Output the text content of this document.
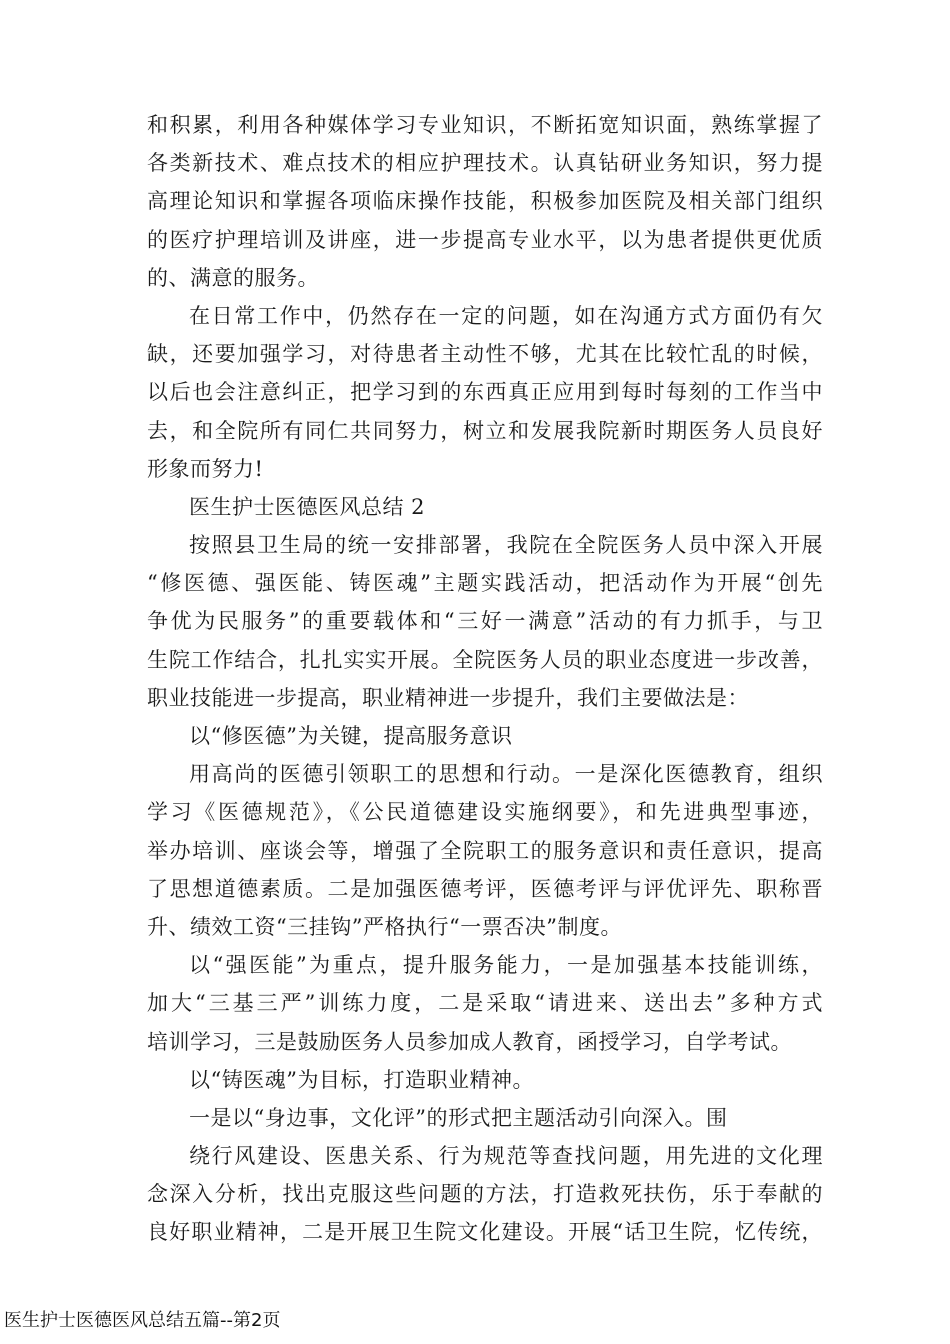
和积累，利用各种媒体学习专业知识，不断拓宽知识面，熟练掌握了
各类新技术、难点技术的相应护理技术。认真钻研业务知识，努力提
高理论知识和掌握各项临床操作技能，积极参加医院及相关部门组织
的医疗护理培训及讲座，进一步提高专业水平，以为患者提供更优质
的、满意的服务。
在日常工作中，仍然存在一定的问题，如在沟通方式方面仍有欠
缺，还要加强学习，对待患者主动性不够，尤其在比较忙乱的时候，
以后也会注意纠正，把学习到的东西真正应用到每时每刻的工作当中
去，和全院所有同仁共同努力，树立和发展我院新时期医务人员良好
形象而努力!
医生护士医德医风总结 2
按照县卫生局的统一安排部署，我院在全院医务人员中深入开展
“修医德、强医能、铸医魂”主题实践活动，把活动作为开展“创先
争优为民服务”的重要载体和“三好一满意”活动的有力抓手，与卫
生院工作结合，扎扎实实开展。全院医务人员的职业态度进一步改善，
职业技能进一步提高，职业精神进一步提升，我们主要做法是：
以“修医德”为关键，提高服务意识
用高尚的医德引领职工的思想和行动。一是深化医德教育，组织
学习《医德规范》，《公民道德建设实施纲要》，和先进典型事迹，
举办培训、座谈会等，增强了全院职工的服务意识和责任意识，提高
了思想道德素质。二是加强医德考评，医德考评与评优评先、职称晋
升、绩效工资“三挂钩”严格执行“一票否决”制度。
以“强医能”为重点，提升服务能力，一是加强基本技能训练，
加大“三基三严”训练力度，二是采取“请进来、送出去”多种方式
培训学习，三是鼓励医务人员参加成人教育，函授学习，自学考试。
以“铸医魂”为目标，打造职业精神。
一是以“身边事，文化评”的形式把主题活动引向深入。围
绕行风建设、医患关系、行为规范等查找问题，用先进的文化理
念深入分析，找出克服这些问题的方法，打造救死扶伤，乐于奉献的
良好职业精神，二是开展卫生院文化建设。开展“话卫生院，忆传统，
医生护士医德医风总结五篇--第2页
